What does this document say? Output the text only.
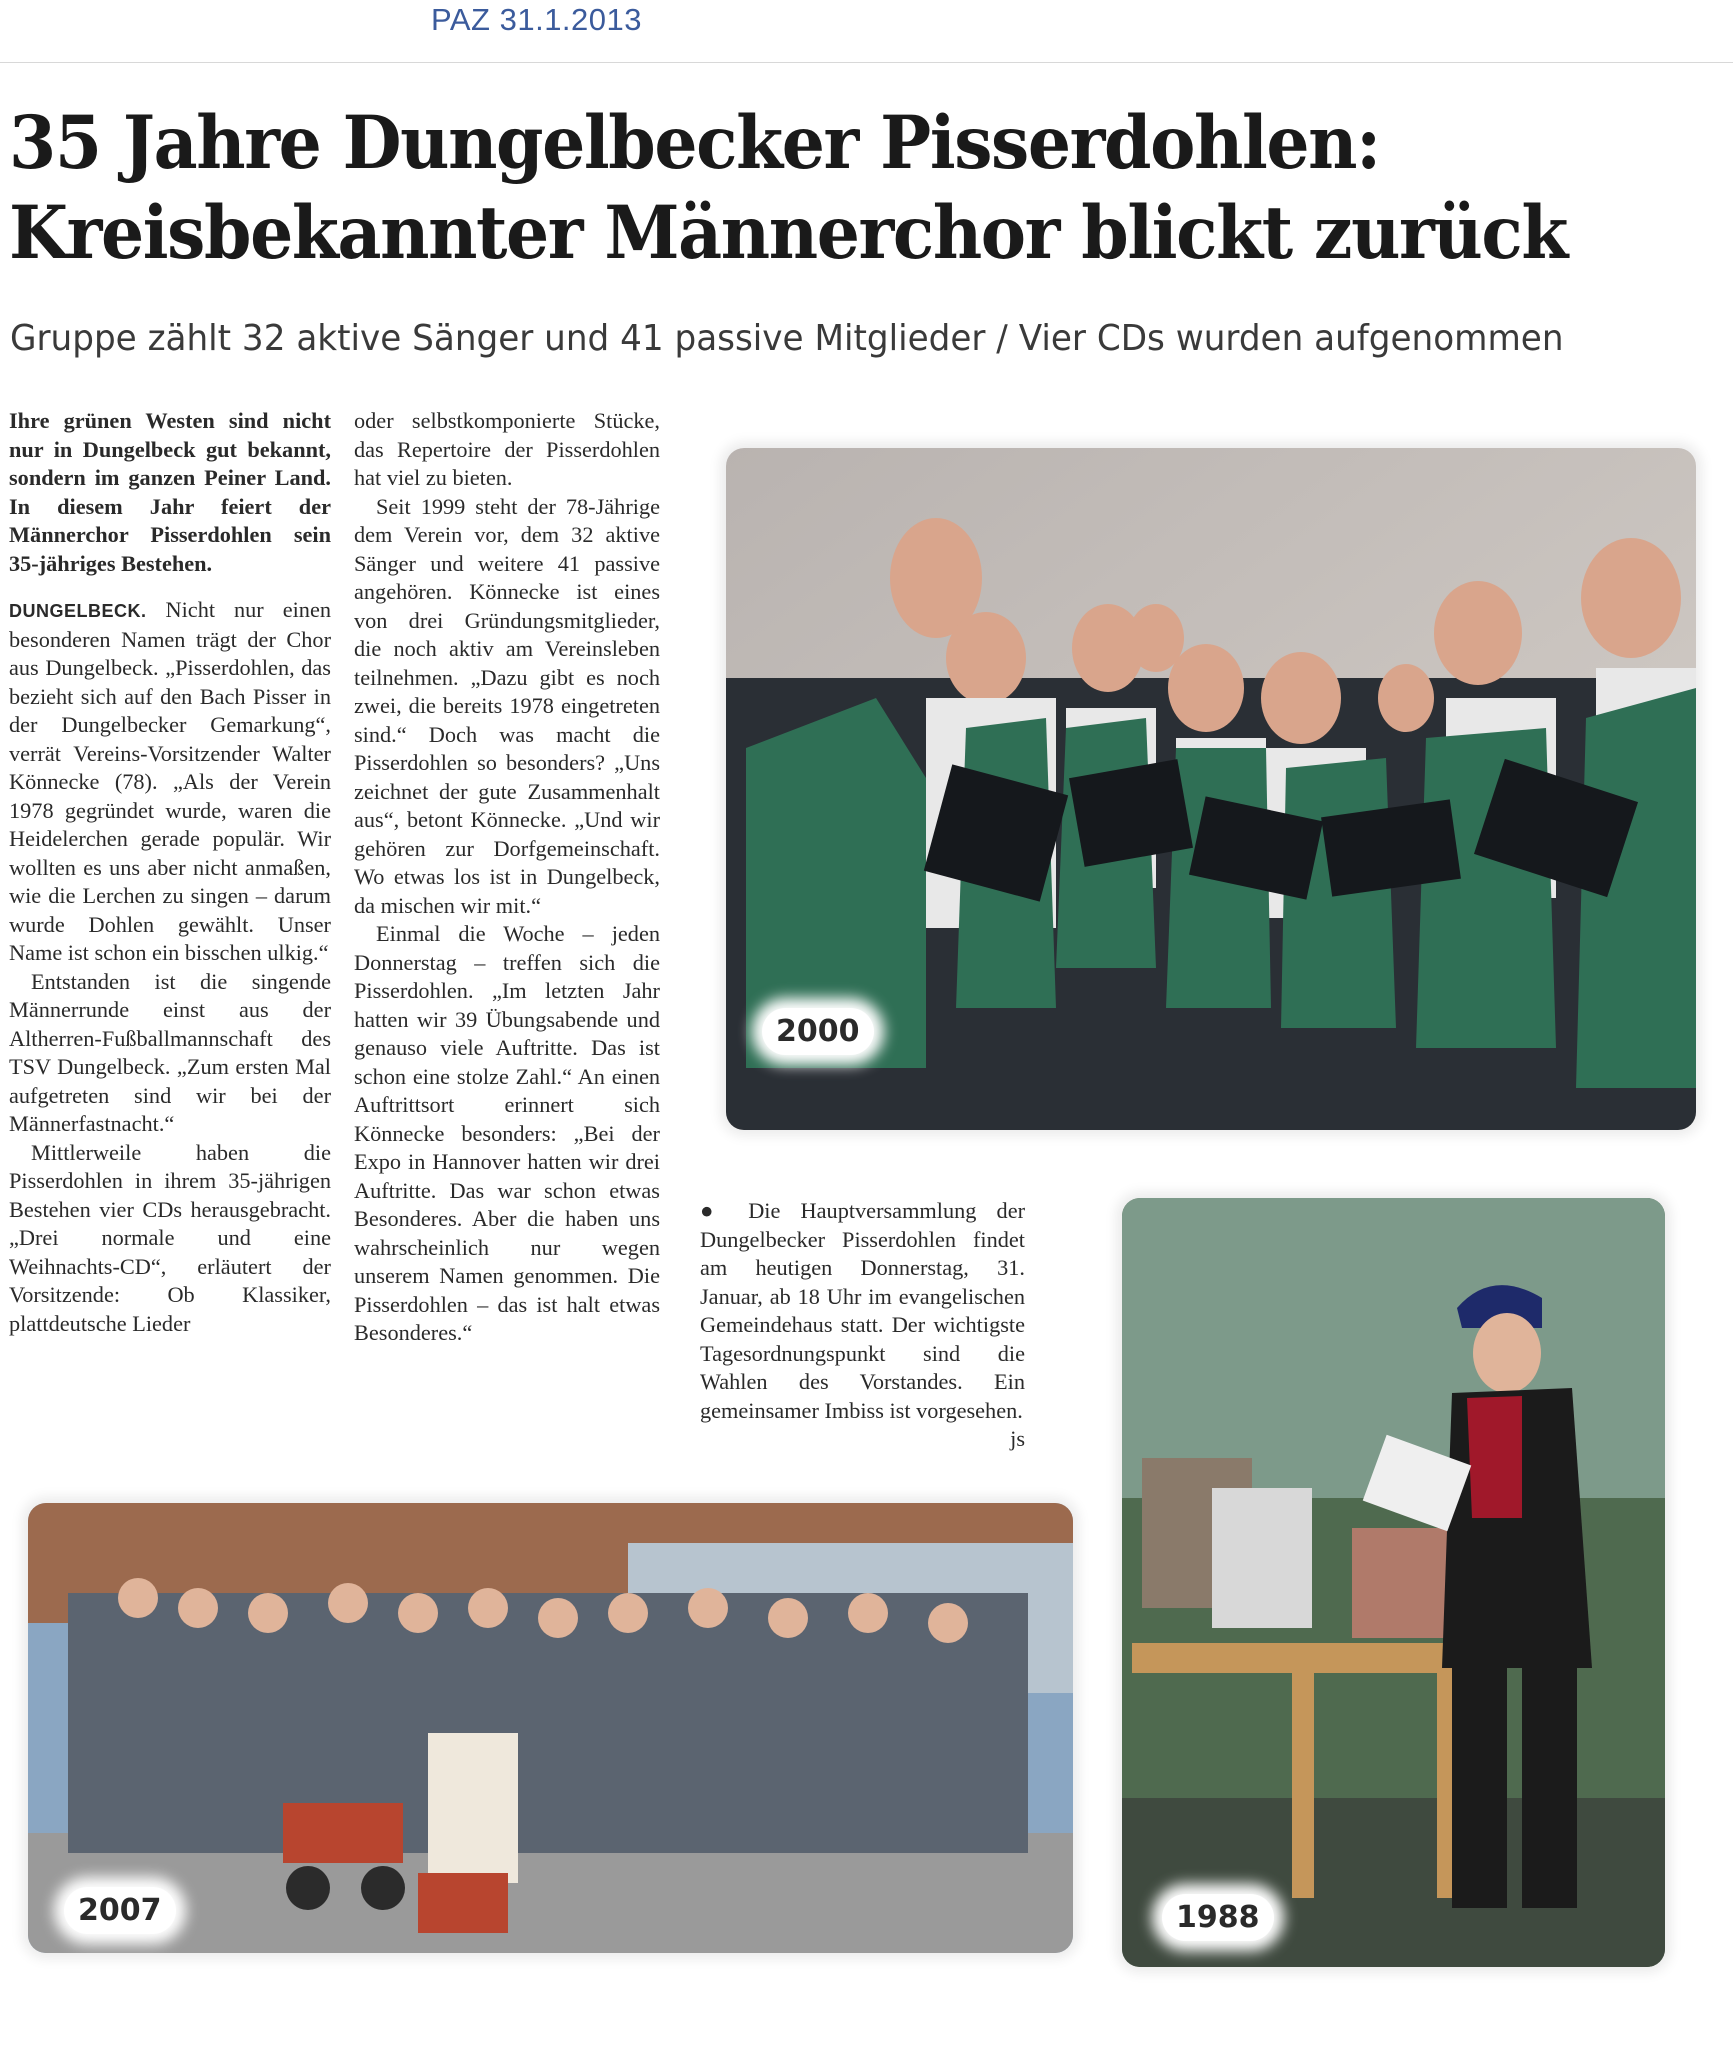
PAZ 31.1.2013
35 Jahre Dungelbecker Pisserdohlen:
Kreisbekannter Männerchor blickt zurück
Gruppe zählt 32 aktive Sänger und 41 passive Mitglieder / Vier CDs wurden aufgenommen

Ihre grünen Westen sind nicht nur in Dungelbeck gut bekannt, sondern im ganzen Peiner Land. In diesem Jahr feiert der Männerchor Pisserdohlen sein 35-jähriges Bestehen.

DUNGELBECK. Nicht nur einen besonderen Namen trägt der Chor aus Dungelbeck. „Pisserdohlen, das bezieht sich auf den Bach Pisser in der Dungelbecker Gemarkung“, verrät Vereins-Vorsitzender Walter Könnecke (78). „Als der Verein 1978 gegründet wurde, waren die Heidelerchen gerade populär. Wir wollten es uns aber nicht anmaßen, wie die Lerchen zu singen – darum wurde Dohlen gewählt. Unser Name ist schon ein bisschen ulkig.“

Entstanden ist die singende Männerrunde einst aus der Altherren-Fußballmannschaft des TSV Dungelbeck. „Zum ersten Mal aufgetreten sind wir bei der Männerfastnacht.“

Mittlerweile haben die Pisserdohlen in ihrem 35-jährigen Bestehen vier CDs herausgebracht. „Drei normale und eine Weihnachts-CD“, erläutert der Vorsitzende: Ob Klassiker, plattdeutsche Lieder

oder selbstkomponierte Stücke, das Repertoire der Pisserdohlen hat viel zu bieten.

Seit 1999 steht der 78-Jährige dem Verein vor, dem 32 aktive Sänger und weitere 41 passive angehören. Könnecke ist eines von drei Gründungsmitglieder, die noch aktiv am Vereinsleben teilnehmen. „Dazu gibt es noch zwei, die bereits 1978 eingetreten sind.“ Doch was macht die Pisserdohlen so besonders? „Uns zeichnet der gute Zusammenhalt aus“, betont Könnecke. „Und wir gehören zur Dorfgemeinschaft. Wo etwas los ist in Dungelbeck, da mischen wir mit.“

Einmal die Woche – jeden Donnerstag – treffen sich die Pisserdohlen. „Im letzten Jahr hatten wir 39 Übungsabende und genauso viele Auftritte. Das ist schon eine stolze Zahl.“ An einen Auftrittsort erinnert sich Könnecke besonders: „Bei der Expo in Hannover hatten wir drei Auftritte. Das war schon etwas Besonderes. Aber die haben uns wahrscheinlich nur wegen unserem Namen genommen. Die Pisserdohlen – das ist halt etwas Besonderes.“

● Die Hauptversammlung der Dungelbecker Pisserdohlen findet am heutigen Donnerstag, 31. Januar, ab 18 Uhr im evangelischen Gemeindehaus statt. Der wichtigste Tagesordnungspunkt sind die Wahlen des Vorstandes. Ein gemeinsamer Imbiss ist vorgesehen.
js

2000
2007	1988
